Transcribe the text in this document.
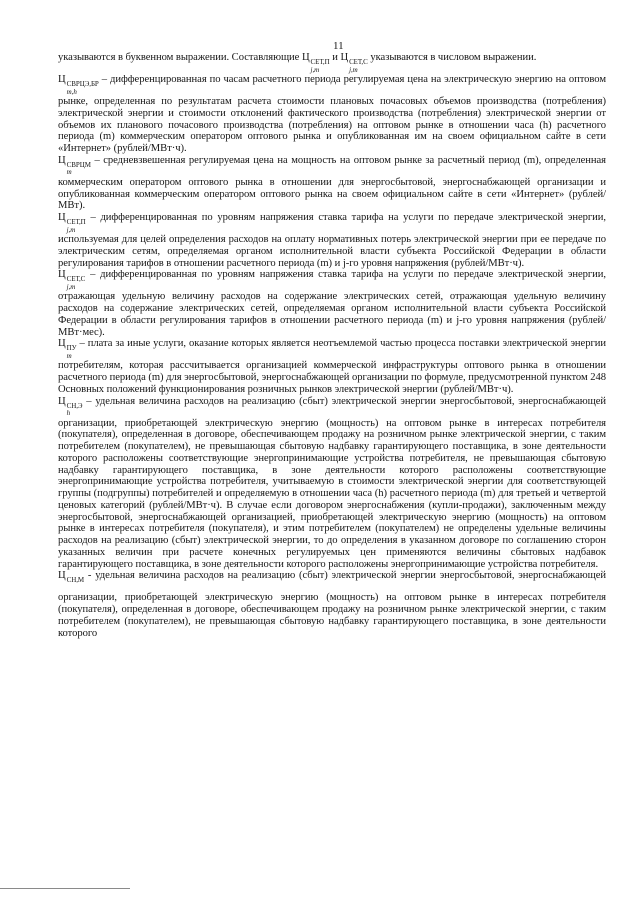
11

указываются в буквенном выражении. Составляющие Ц СЕТ,П
j,m
и Ц СЕТ,С
j,m
указываются в числовом выражении.

Ц СВРЦЭ,БР
m,h
– дифференцированная по часам расчетного периода регулируемая цена на электрическую энергию на оптовом рынке, определенная по результатам расчета стоимости плановых почасовых объемов производства (потребления) электрической энергии и стоимости отклонений фактического производства (потребления) электрической энергии от объемов их планового почасового производства (потребления) на оптовом рынке в отношении часа (h) расчетного периода (m) коммерческим оператором оптового рынка и опубликованная им на своем официальном сайте в сети «Интернет» (рублей/МВт·ч).

Ц СВРЦМ
m
– средневзвешенная регулируемая цена на мощность на оптовом рынке за расчетный период (m), определенная коммерческим оператором оптового рынка в отношении для энергосбытовой, энергоснабжающей организации и опубликованная коммерческим оператором оптового рынка на своем официальном сайте в сети «Интернет» (рублей/МВт).

Ц СЕТ,П
j,m
– дифференцированная по уровням напряжения ставка тарифа на услуги по передаче электрической энергии, используемая для целей определения расходов на оплату нормативных потерь электрической энергии при ее передаче по электрическим сетям, определяемая органом исполнительной власти субъекта Российской Федерации в области регулирования тарифов в отношении расчетного периода (m) и j-го уровня напряжения (рублей/МВт·ч).

Ц СЕТ,С
j,m
– дифференцированная по уровням напряжения ставка тарифа на услуги по передаче электрической энергии, отражающая удельную величину расходов на содержание электрических сетей, отражающая удельную величину расходов на содержание электрических сетей, определяемая органом исполнительной власти субъекта Российской Федерации в области регулирования тарифов в отношении расчетного периода (m) и j-го уровня напряжения (рублей/МВт·мес).

Ц ПУ
m
– плата за иные услуги, оказание которых является неотъемлемой частью процесса поставки электрической энергии потребителям, которая рассчитывается организацией коммерческой инфраструктуры оптового рынка в отношении расчетного периода (m) для энергосбытовой, энергоснабжающей организации по формуле, предусмотренной пунктом 248 Основных положений функционирования розничных рынков электрической энергии (рублей/МВт·ч).

Ц СН,Э
h
– удельная величина расходов на реализацию (сбыт) электрической энергии энергосбытовой, энергоснабжающей организации, приобретающей электрическую энергию (мощность) на оптовом рынке в интересах потребителя (покупателя), определенная в договоре, обеспечивающем продажу на розничном рынке электрической энергии, с таким потребителем (покупателем), не превышающая сбытовую надбавку гарантирующего поставщика, в зоне деятельности которого расположены соответствующие энергопринимающие устройства потребителя, не превышающая сбытовую надбавку гарантирующего поставщика, в зоне деятельности которого расположены соответствующие энергопринимающие устройства потребителя, учитываемую в стоимости электрической энергии для соответствующей группы (подгруппы) потребителей и определяемую в отношении часа (h) расчетного периода (m) для третьей и четвертой ценовых категорий (рублей/МВт·ч). В случае если договором энергоснабжения (купли-продажи), заключенным между энергосбытовой, энергоснабжающей организацией, приобретающей электрическую энергию (мощность) на оптовом рынке в интересах потребителя (покупателя), и этим потребителем (покупателем) не определены удельные величины расходов на реализацию (сбыт) электрической энергии, то до определения в указанном договоре по соглашению сторон указанных величин при расчете конечных регулируемых цен применяются величины сбытовых надбавок гарантирующего поставщика, в зоне деятельности которого расположены энергопринимающие устройства потребителя.

Ц СН,М
- удельная величина расходов на реализацию (сбыт) электрической энергии энергосбытовой, энергоснабжающей организации, приобретающей электрическую энергию (мощность) на оптовом рынке в интересах потребителя (покупателя), определенная в договоре, обеспечивающем продажу на розничном рынке электрической энергии, с таким потребителем (покупателем), не превышающая сбытовую надбавку гарантирующего поставщика, в зоне деятельности которого
